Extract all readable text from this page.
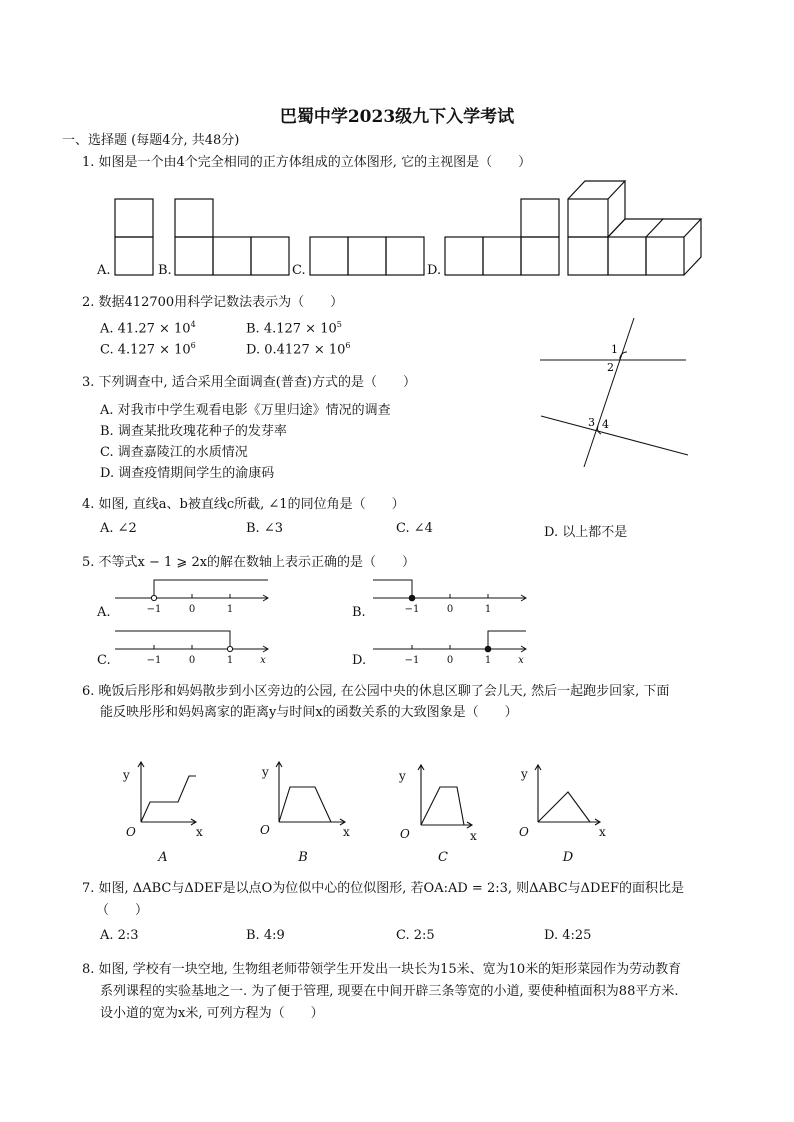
巴蜀中学2023级九下入学考试
一、选择题 (每题4分, 共48分)
1. 如图是一个由4个完全相同的正方体组成的立体图形, 它的主视图是（　　）
A.	B.	C.	D.
2. 数据412700用科学记数法表示为（　　）
A. $41.27 \times 10^4$	B. $4.127 \times 10^5$
C. $4.127 \times 10^6$	D. $0.4127 \times 10^6$	1
2
3 4
3. 下列调查中, 适合采用全面调查(普查)方式的是（　　）
A. 对我市中学生观看电影《万里归途》情况的调查
B. 调查某批玫瑰花种子的发芽率
C. 调查嘉陵江的水质情况
D. 调查疫情期间学生的渝康码
4. 如图, 直线a、b被直线c所截, ∠1的同位角是（　　）
A. ∠2	B. ∠3	C. ∠4	D. 以上都不是
5. 不等式x − 1 ⩾ 2x的解在数轴上表示正确的是（　　）
A.	B.
C.	D.
−1	0	1	−1	0	1
−1	0	1	x	−1	0	1	x
6. 晚饭后彤彤和妈妈散步到小区旁边的公园, 在公园中央的休息区聊了会儿天, 然后一起跑步回家, 下面
能反映彤彤和妈妈离家的距离y与时间x的函数关系的大致图象是（　　）
y
x
O
y
x
O
y
x
O
y
x
O
A	B	C	D
7. 如图, ΔABC与ΔDEF是以点O为位似中心的位似图形, 若OA:AD = 2:3, 则ΔABC与ΔDEF的面积比是
（　　）
A. 2:3	B. 4:9	C. 2:5	D. 4:25
8. 如图, 学校有一块空地, 生物组老师带领学生开发出一块长为15米、宽为10米的矩形菜园作为劳动教育
系列课程的实验基地之一. 为了便于管理, 现要在中间开辟三条等宽的小道, 要使种植面积为88平方米.
设小道的宽为x米, 可列方程为（　　）
